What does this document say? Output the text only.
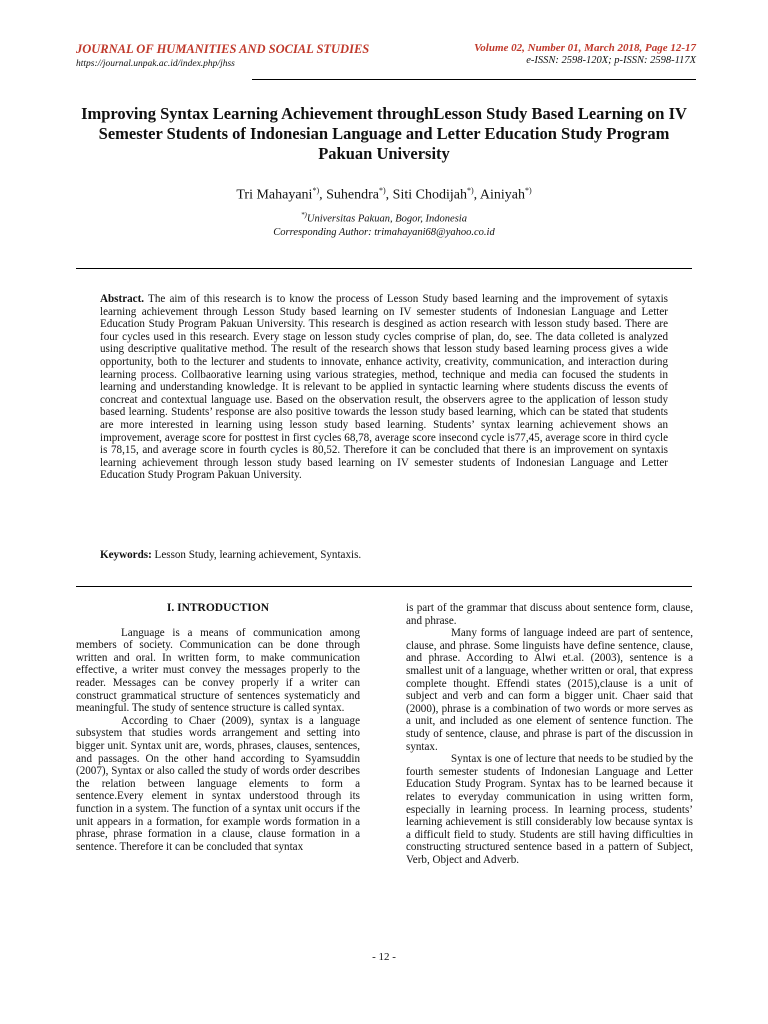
JOURNAL OF HUMANITIES AND SOCIAL STUDIES
https://journal.unpak.ac.id/index.php/jhss
Volume 02, Number 01, March 2018, Page 12-17
e-ISSN: 2598-120X; p-ISSN: 2598-117X
Improving Syntax Learning Achievement throughLesson Study Based Learning on IV Semester Students of Indonesian Language and Letter Education Study Program Pakuan University
Tri Mahayani*), Suhendra*), Siti Chodijah*), Ainiyah*)
*)Universitas Pakuan, Bogor, Indonesia
Corresponding Author: trimahayani68@yahoo.co.id
Abstract. The aim of this research is to know the process of Lesson Study based learning and the improvement of sytaxis learning achievement through Lesson Study based learning on IV semester students of Indonesian Language and Letter Education Study Program Pakuan University. This research is desgined as action research with lesson study based. There are four cycles used in this research. Every stage on lesson study cycles comprise of plan, do, see. The data colleted is analyzed using descriptive qualitative method. The result of the research shows that lesson study based learning process gives a wide opportunity, both to the lecturer and students to innovate, enhance activity, creativity, communication, and interaction during learning process. Collbaorative learning using various strategies, method, technique and media can focused the students in learning and understanding knowledge. It is relevant to be applied in syntactic learning where students discuss the events of concreat and contextual language use. Based on the observation result, the observers agree to the application of lesson study based learning. Students’ response are also positive towards the lesson study based learning, which can be stated that students are more interested in learning using lesson study based learning. Students’ syntax learning achievement shows an improvement, average score for posttest in first cycles 68,78, average score insecond cycle is77,45, average score in third cycle is 78,15, and average score in fourth cycles is 80,52. Therefore it can be concluded that there is an improvement on syntaxis learning achievement through lesson study based learning on IV semester students of Indonesian Language and Letter Education Study Program Pakuan University.
Keywords: Lesson Study, learning achievement, Syntaxis.
I. INTRODUCTION

Language is a means of communication among members of society. Communication can be done through written and oral. In written form, to make communication effective, a writer must convey the messages properly to the reader. Messages can be convey properly if a writer can construct grammatical structure of sentences systematicly and meaningful. The study of sentence structure is called syntax.

According to Chaer (2009), syntax is a language subsystem that studies words arrangement and setting into bigger unit. Syntax unit are, words, phrases, clauses, sentences, and passages. On the other hand according to Syamsuddin (2007), Syntax or also called the study of words order describes the relation between language elements to form a sentence.Every element in syntax understood through its function in a system. The function of a syntax unit occurs if the unit appears in a formation, for example words formation in a phrase, phrase formation in a clause, clause formation in a sentence. Therefore it can be concluded that syntax

is part of the grammar that discuss about sentence form, clause, and phrase.

Many forms of language indeed are part of sentence, clause, and phrase. Some linguists have define sentence, clause, and phrase. According to Alwi et.al. (2003), sentence is a smallest unit of a language, whether written or oral, that express complete thought. Effendi states (2015),clause is a unit of subject and verb and can form a bigger unit. Chaer said that (2000), phrase is a combination of two words or more serves as a unit, and included as one element of sentence function. The study of sentence, clause, and phrase is part of the discussion in syntax.

Syntax is one of lecture that needs to be studied by the fourth semester students of Indonesian Language and Letter Education Study Program. Syntax has to be learned because it relates to everyday communication in using written form, especially in learning process. In learning process, students’ learning achievement is still considerably low because syntax is a difficult field to study. Students are still having difficulties in constructing structured sentence based in a pattern of Subject, Verb, Object and Adverb.

- 12 -
